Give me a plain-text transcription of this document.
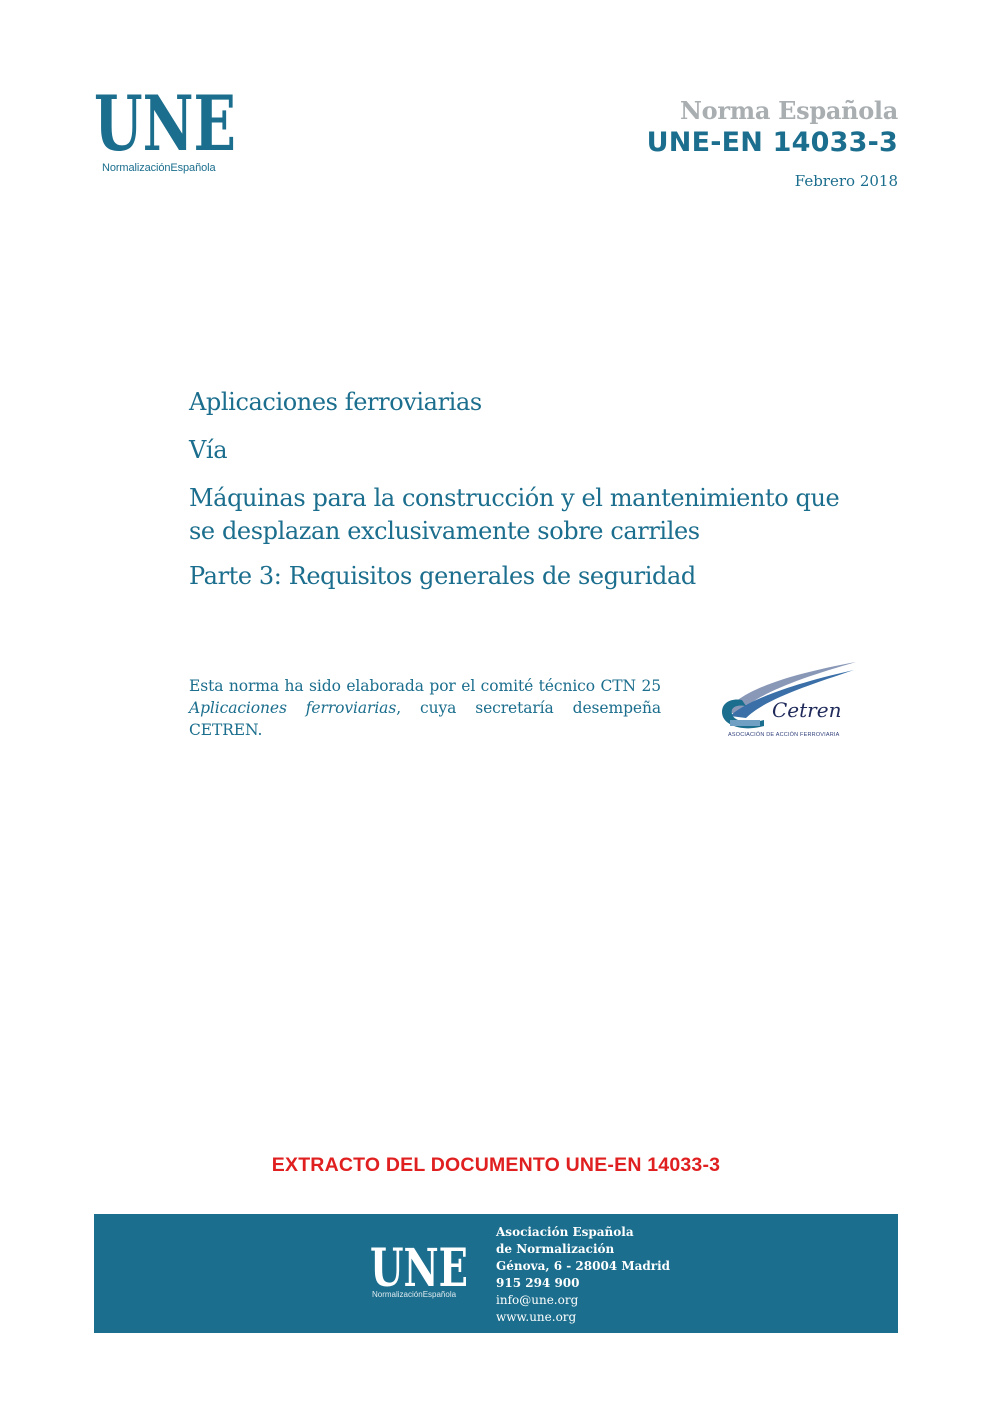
UNE
NormalizaciónEspañola
Norma Española
UNE-EN 14033-3
Febrero 2018
Aplicaciones ferroviarias
Vía
Máquinas para la construcción y el mantenimiento que
se desplazan exclusivamente sobre carriles
Parte 3: Requisitos generales de seguridad
Esta norma ha sido elaborada por el comité técnico CTN 25 Aplicaciones ferroviarias, cuya secretaría desempeña CETREN.
Cetren
ASOCIACIÓN DE ACCIÓN FERROVIARIA
EXTRACTO DEL DOCUMENTO UNE-EN 14033-3
UNE
NormalizaciónEspañola
Asociación Española
de Normalización
Génova, 6 - 28004 Madrid
915 294 900
info@une.org
www.une.org
